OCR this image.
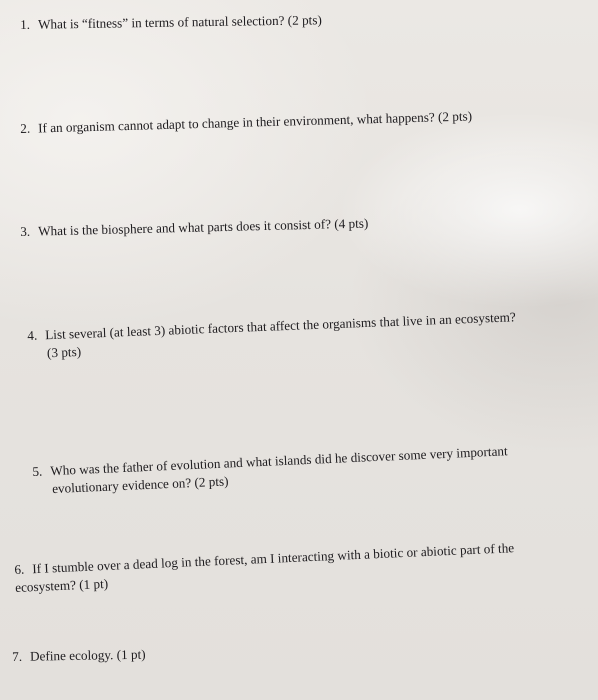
1. What is “fitness” in terms of natural selection? (2 pts)
2. If an organism cannot adapt to change in their environment, what happens? (2 pts)
3. What is the biosphere and what parts does it consist of? (4 pts)
4. List several (at least 3) abiotic factors that affect the organisms that live in an ecosystem?
(3 pts)
5. Who was the father of evolution and what islands did he discover some very important
evolutionary evidence on? (2 pts)
6. If I stumble over a dead log in the forest, am I interacting with a biotic or abiotic part of the
ecosystem? (1 pt)
7. Define ecology. (1 pt)
